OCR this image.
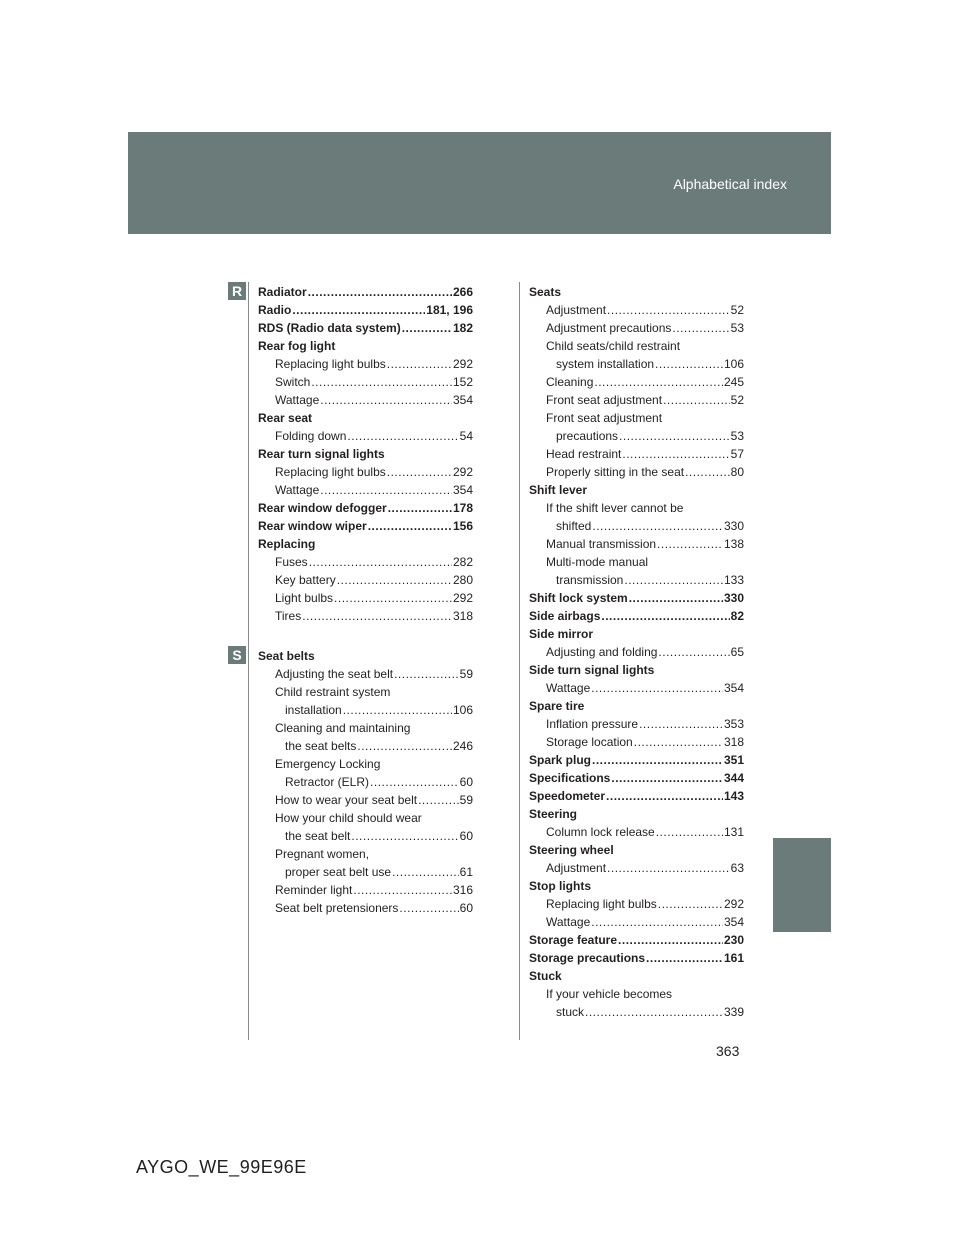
Alphabetical index
R
S
Radiator .....	266
Radio .....	181, 196
RDS (Radio data system) .....	182
Rear fog light
Replacing light bulbs .....	292
Switch .....	152
Wattage .....	354
Rear seat
Folding down .....	54
Rear turn signal lights
Replacing light bulbs .....	292
Wattage .....	354
Rear window defogger .....	178
Rear window wiper .....	156
Replacing
Fuses .....	282
Key battery .....	280
Light bulbs .....	292
Tires .....	318
Seat belts
Adjusting the seat belt .....	59
Child restraint system
installation .....	106
Cleaning and maintaining
the seat belts .....	246
Emergency Locking
Retractor (ELR) .....	60
How to wear your seat belt .....	59
How your child should wear
the seat belt .....	60
Pregnant women,
proper seat belt use .....	61
Reminder light .....	316
Seat belt pretensioners .....	60
Seats
Adjustment .....	52
Adjustment precautions .....	53
Child seats/child restraint
system installation .....	106
Cleaning .....	245
Front seat adjustment .....	52
Front seat adjustment
precautions .....	53
Head restraint .....	57
Properly sitting in the seat .....	80
Shift lever
If the shift lever cannot be
shifted .....	330
Manual transmission .....	138
Multi-mode manual
transmission .....	133
Shift lock system .....	330
Side airbags .....	82
Side mirror
Adjusting and folding .....	65
Side turn signal lights
Wattage .....	354
Spare tire
Inflation pressure .....	353
Storage location .....	318
Spark plug .....	351
Specifications .....	344
Speedometer .....	143
Steering
Column lock release .....	131
Steering wheel
Adjustment .....	63
Stop lights
Replacing light bulbs .....	292
Wattage .....	354
Storage feature .....	230
Storage precautions .....	161
Stuck
If your vehicle becomes
stuck .....	339
363
AYGO_WE_99E96E
